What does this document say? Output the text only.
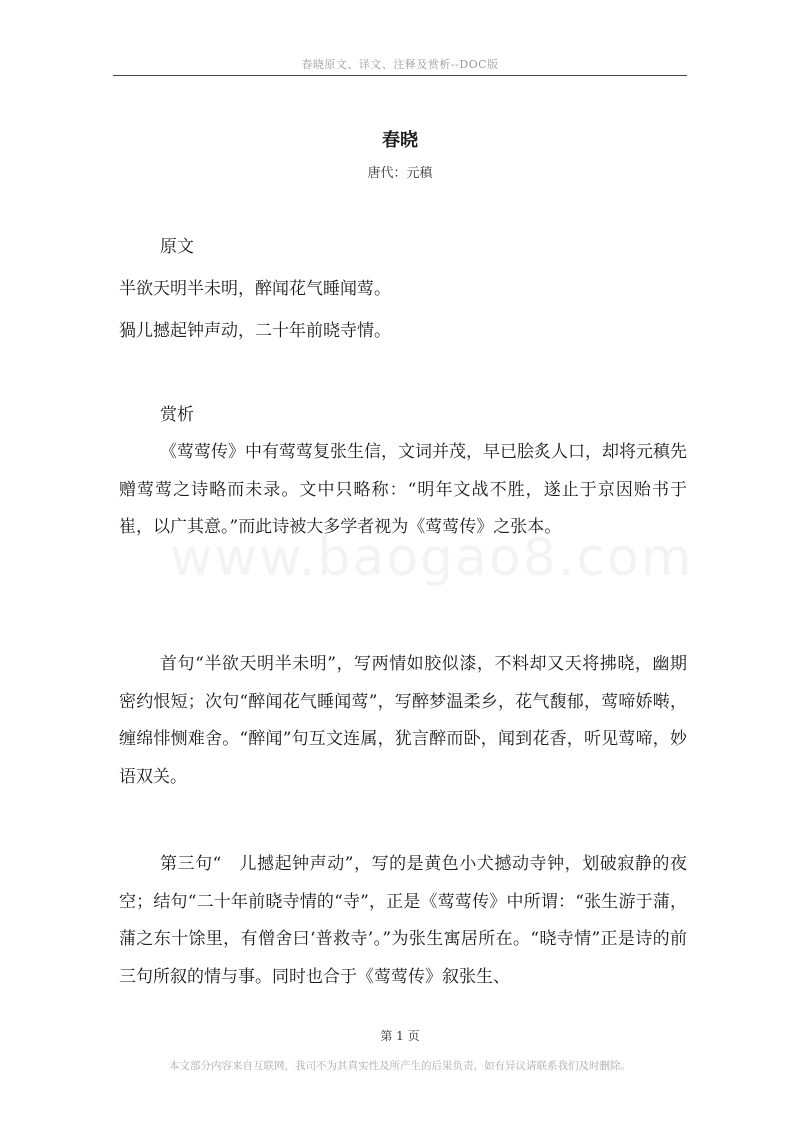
春晓原文、译文、注释及赏析--DOC版
春晓
唐代：元稹
原文
半欲天明半未明，醉闻花气睡闻莺。
猧儿撼起钟声动，二十年前晓寺情。
赏析

《莺莺传》中有莺莺复张生信，文词并茂，早已脍炙人口，却将元稹先赠莺莺之诗略而未录。文中只略称：“明年文战不胜，遂止于京因贻书于崔，以广其意。”而此诗被大多学者视为《莺莺传》之张本。

首句“半欲天明半未明”，写两情如胶似漆，不料却又天将拂晓，幽期密约恨短；次句“醉闻花气睡闻莺”，写醉梦温柔乡，花气馥郁，莺啼娇啭，缠绵悱恻难舍。“醉闻”句互文连属，犹言醉而卧，闻到花香，听见莺啼，妙语双关。

第三句“　儿撼起钟声动”，写的是黄色小犬撼动寺钟，划破寂静的夜空；结句“二十年前晓寺情的“寺”，正是《莺莺传》中所谓：“张生游于蒲，蒲之东十馀里，有僧舍曰‘普救寺’。”为张生寓居所在。“晓寺情”正是诗的前三句所叙的情与事。同时也合于《莺莺传》叙张生、

第 1 页
本文部分内容来自互联网，我司不为其真实性及所产生的后果负责，如有异议请联系我们及时删除。
